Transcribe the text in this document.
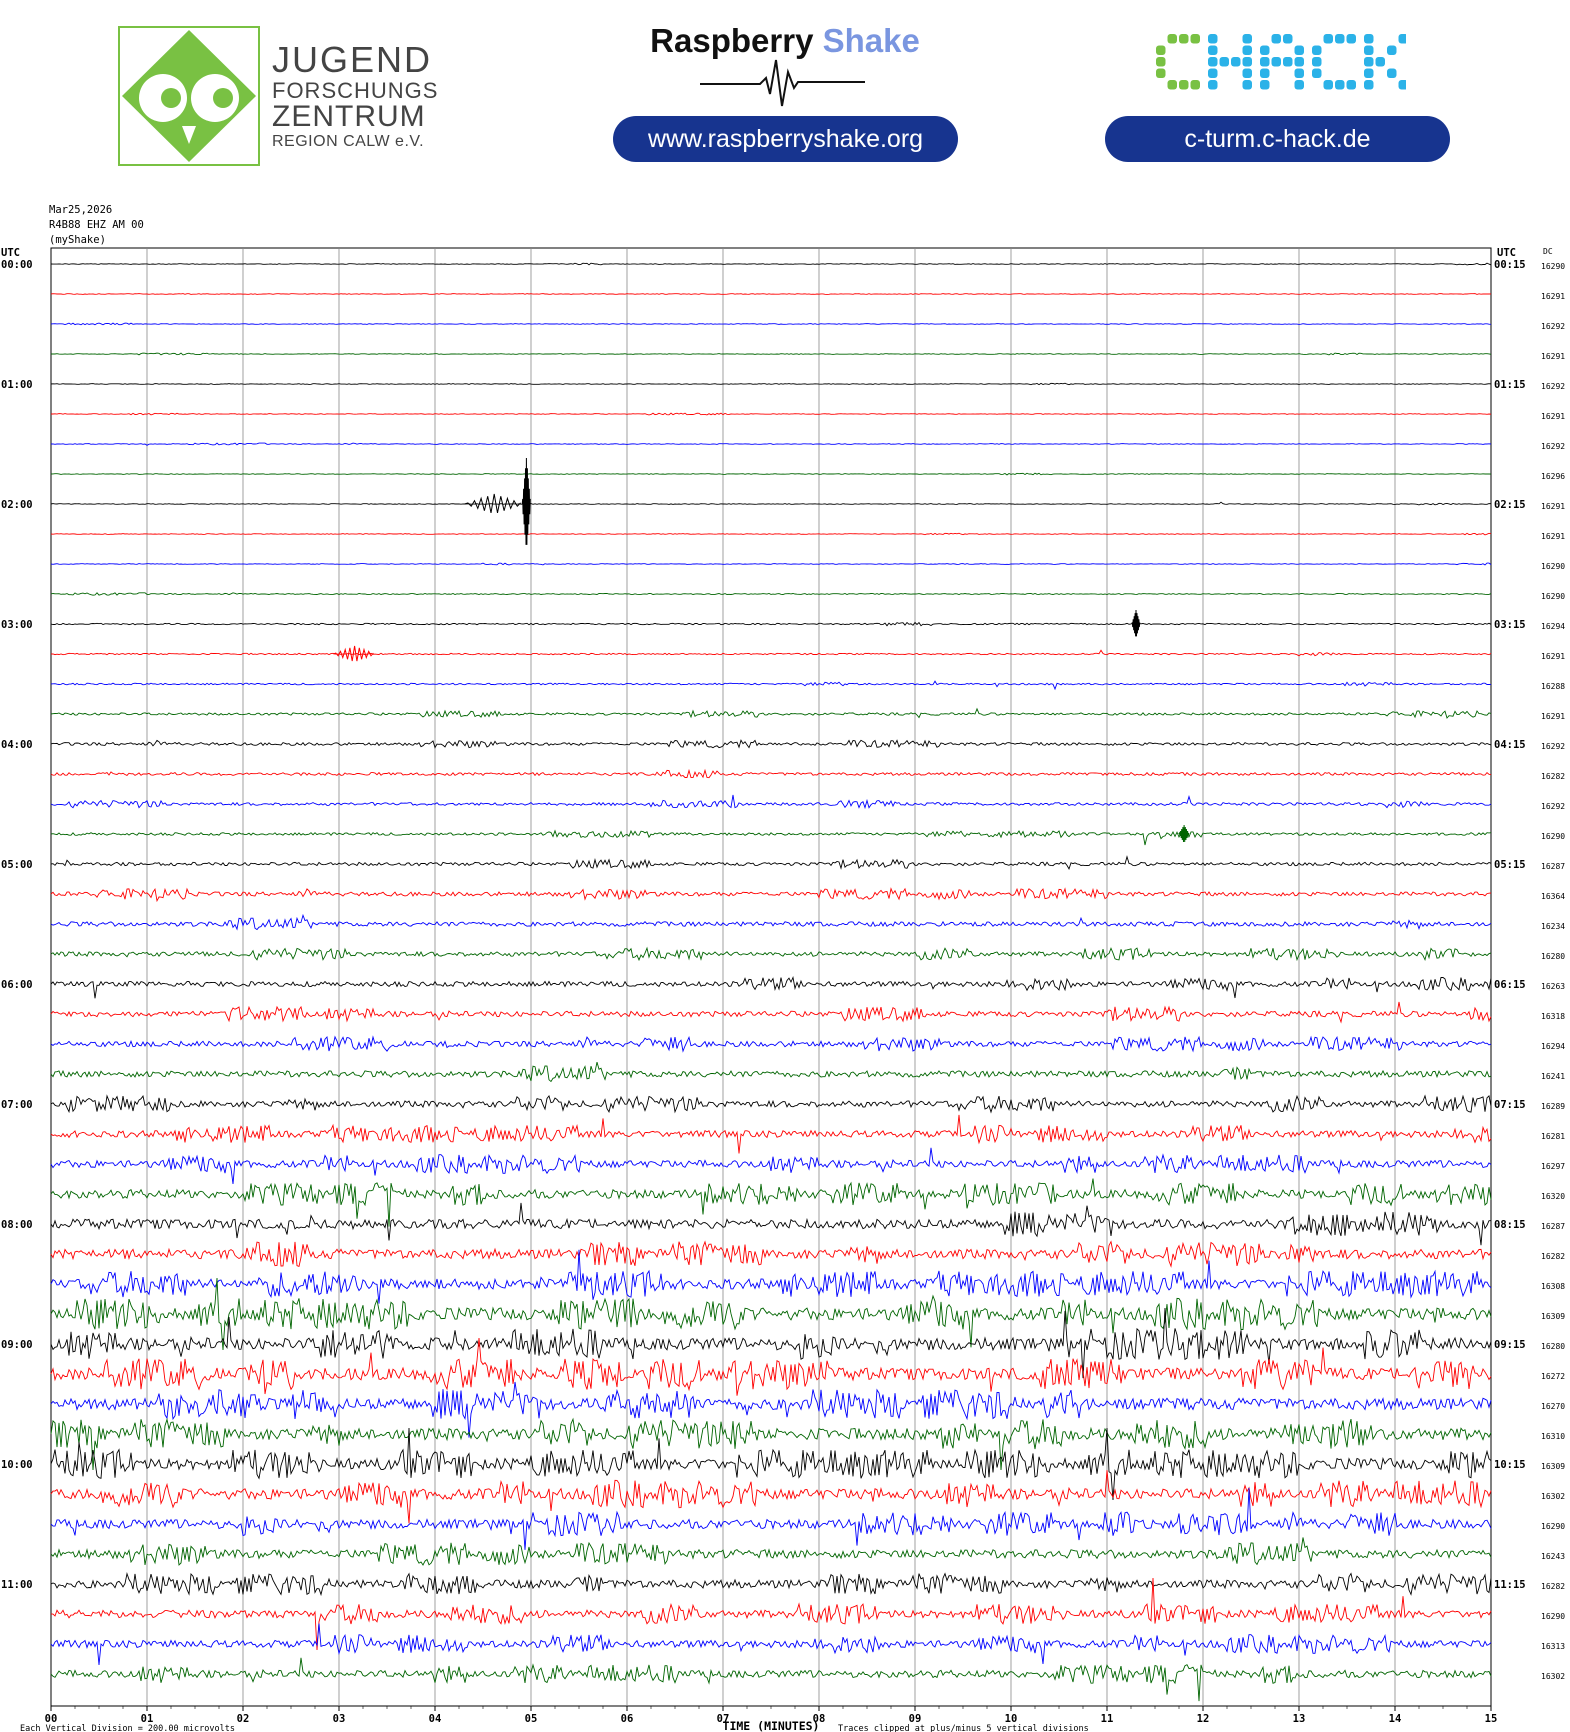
JUGEND
FORSCHUNGS
ZENTRUM
REGION CALW e.V.
Raspberry Shake
www.raspberryshake.org	c-turm.c-hack.de
Mar25,2026
R4B88 EHZ AM 00
(myShake)
00	01	02	03	04	05	06	07	08	09	10	11	12	13	14	15
UTC	UTC	DC
TIME (MINUTES)
Each Vertical Division = 200.00 microvolts	Traces clipped at plus/minus 5 vertical divisions
00:00	00:15 16290
16291
16292
16291
01:00	01:15 16292
16291
16292
16296
02:00	02:15 16291
16291
16290
16290
03:00	03:15 16294
16291
16288
16291
04:00	04:15 16292
16282
16292
16290
05:00	05:15 16287
16364
16234
16280
06:00	06:15 16263
16318
16294
16241
07:00	07:15 16289
16281
16297
16320
08:00	08:15 16287
16282
16308
16309
09:00	09:15 16280
16272
16270
16310
10:00	10:15 16309
16302
16290
16243
11:00	11:15 16282
16290
16313
16302
